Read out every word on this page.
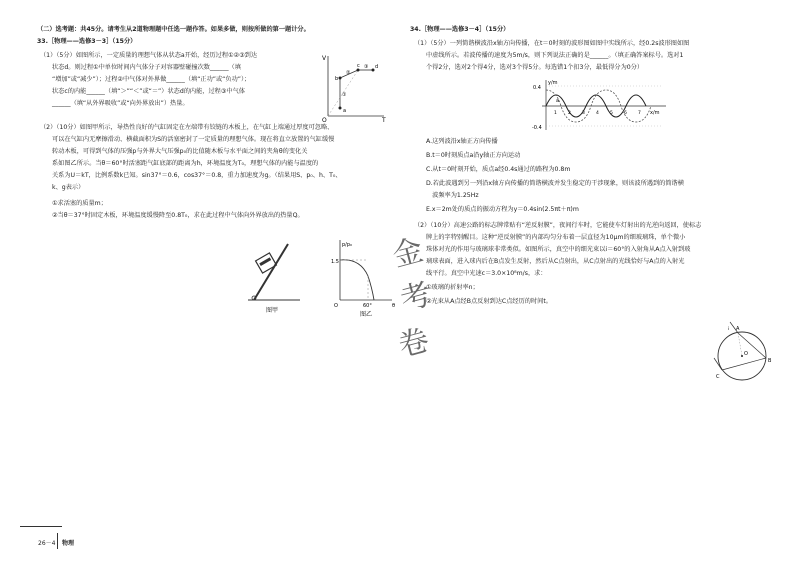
（二）选考题：共45分。请考生从2道物理题中任选一题作答。如果多做，则按所做的第一题计分。
33.［物理——选修3－3］（15分）
（1）（5分）如图所示，一定质量的理想气体从状态a开始，经历过程①②③到达
状态d。则过程①中单位时间内气体分子对容器壁碰撞次数______（填
“增加”或“减少”）；过程②中气体对外界做______（填“正功”或“负功”）；
状态c的内能______（填“＞”“＜”或“＝”）状态d的内能，过程③中气体
______（填“从外界吸收”或“向外界放出”）热量。
V
T
O
a
b
c	d
①
②
③
（2）（10分）如图甲所示，导热性良好的气缸固定在左端带有铰链的木板上，在气缸上端通过厚度可忽略、
可以在气缸内无摩擦滑动、横截面积为S的活塞密封了一定质量的理想气体。现在将直立放置的气缸缓慢
转动木板，可得到气体的压强p与外界大气压强p₀的比值随木板与水平面之间的夹角θ的变化关
系如图乙所示。当θ＝60°时活塞距气缸底部的距离为h，环境温度为T₀，理想气体的内能与温度的
关系为U＝kT，比例系数k已知。sin37°＝0.6，cos37°＝0.8，重力加速度为g。（结果用S、p₀、h、T₀、
k、g表示）
①求活塞的质量m；
②当θ＝37°时固定木板，环境温度缓慢降至0.8T₀，求在此过程中气体向外界放出的热量Q。
图甲
p/p₀
1.5
60°	θ
O
图乙
金
考
卷
34.［物理——选修3－4］（15分）
（1）（5分）一列简谐横波沿x轴方向传播，在t＝0时刻的波形图如图中实线所示，经0.2s波形图如图
中虚线所示。若波传播的速度为5m/s，则下列说法正确的是______。（填正确答案标号。选对1
个得2分，选对2个得4分，选对3个得5分。每选错1个扣3分，最低得分为0分）
y/m
0.4
-0.4
x/m
a
1 2 3 4 5 6 7
A.这列波沿x轴正方向传播
B.t＝0时刻质点a沿y轴正方向运动
C.从t＝0时刻开始，质点a经0.4s通过的路程为0.8m
D.若此波遇到另一列沿x轴方向传播的简谐横波并发生稳定的干涉现象，则该波所遇到的简谐横
　波频率为1.25Hz
E.x＝2m处的质点的振动方程为y＝0.4sin(2.5πt＋π)m
（2）（10分）高速公路的标志牌常贴有“逆反射膜”，夜间行车时，它能使车灯射出的光逆向返回，使标志
牌上的字特别醒目。这种“逆反射膜”的内部均匀分布着一层直径为10μm的细玻璃珠，单个微小
珠体对光的作用与玻璃球非常类似。如图所示，真空中的细光束以i＝60°的入射角从A点入射到玻
璃球表面，进入球内后在B点发生反射，然后从C点射出，从C点射出的光线恰好与A点的入射光
线平行。真空中光速c＝3.0×10⁸m/s，求：
①玻璃的折射率n；
②光束从A点经B点反射到达C点经历的时间t。
A
B
C
O
i
26－4 物理
